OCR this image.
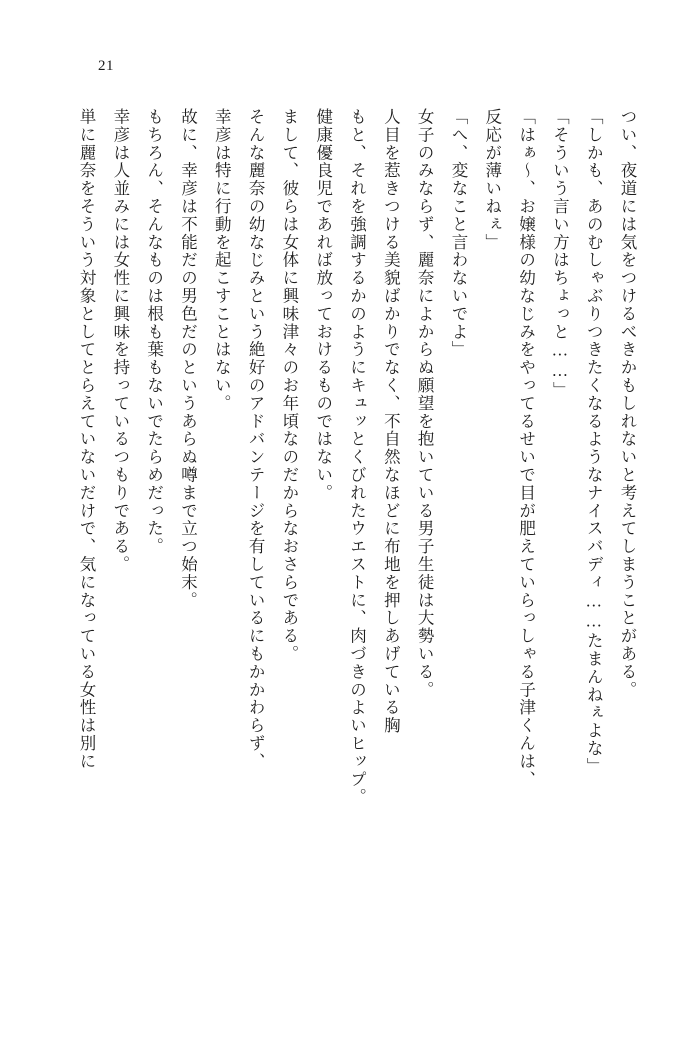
21
つい、夜道には気をつけるべきかもしれないと考えてしまうことがある。
「しかも、あのむしゃぶりつきたくなるようなナイスバディ……たまんねぇよな」
「そういう言い方はちょっと……」
「はぁ～、お嬢様の幼なじみをやってるせいで目が肥えていらっしゃる子津くんは、
反応が薄いねぇ」
「へ、変なこと言わないでよ」
女子のみならず、麗奈によからぬ願望を抱いている男子生徒は大勢いる。
人目を惹きつける美貌ばかりでなく、不自然なほどに布地を押しあげている胸
もと、それを強調するかのようにキュッとくびれたウエストに、肉づきのよいヒップ。
健康優良児であれば放っておけるものではない。
まして、彼らは女体に興味津々のお年頃なのだからなおさらである。
そんな麗奈の幼なじみという絶好のアドバンテージを有しているにもかかわらず、
幸彦は特に行動を起こすことはない。
故に、幸彦は不能だの男色だのというあらぬ噂まで立つ始末。
もちろん、そんなものは根も葉もないでたらめだった。
幸彦は人並みには女性に興味を持っているつもりである。
単に麗奈をそういう対象としてとらえていないだけで、気になっている女性は別に
